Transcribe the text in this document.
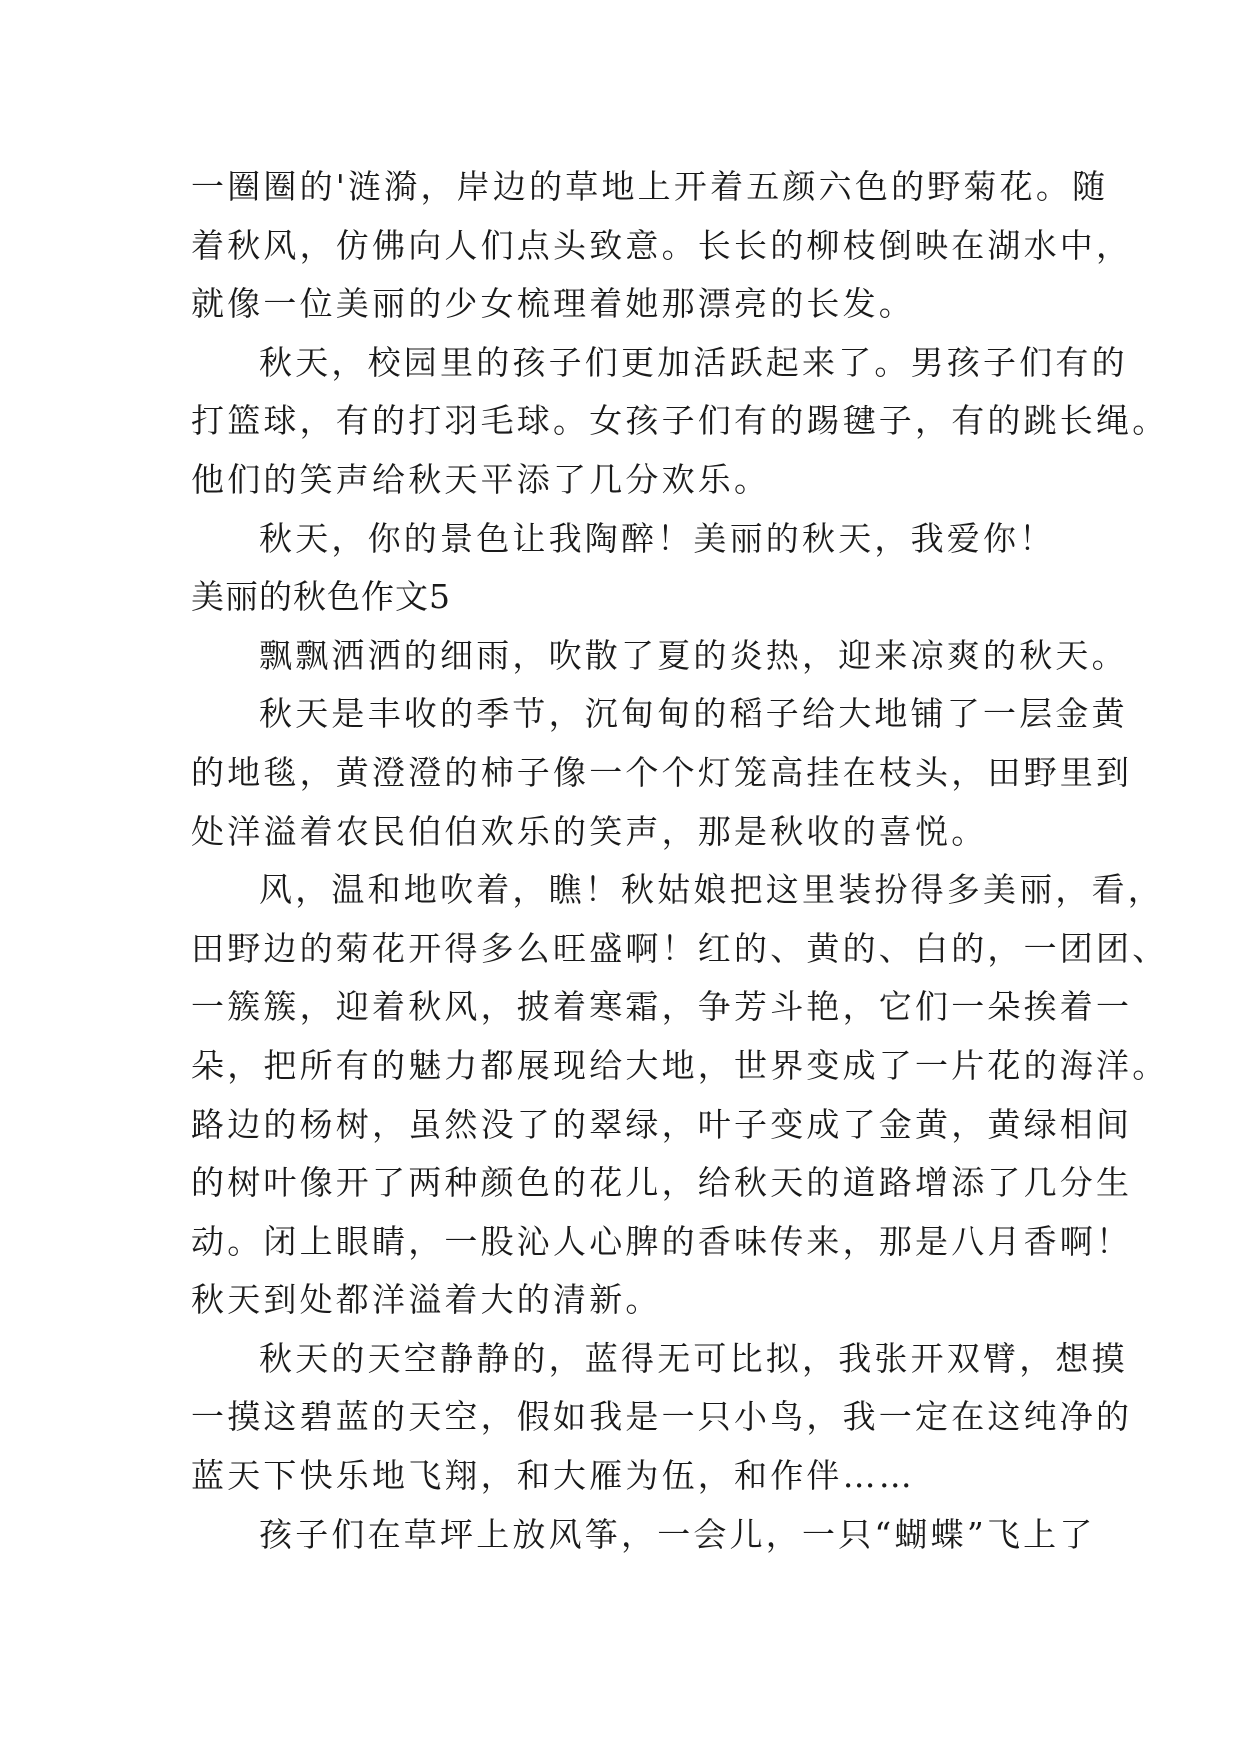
一圈圈的'涟漪，岸边的草地上开着五颜六色的野菊花。随
着秋风，仿佛向人们点头致意。长长的柳枝倒映在湖水中，
就像一位美丽的少女梳理着她那漂亮的长发。
秋天，校园里的孩子们更加活跃起来了。男孩子们有的
打篮球，有的打羽毛球。女孩子们有的踢毽子，有的跳长绳。
他们的笑声给秋天平添了几分欢乐。
秋天，你的景色让我陶醉！美丽的秋天，我爱你！
美丽的秋色作文5
飘飘洒洒的细雨，吹散了夏的炎热，迎来凉爽的秋天。
秋天是丰收的季节，沉甸甸的稻子给大地铺了一层金黄
的地毯，黄澄澄的柿子像一个个灯笼高挂在枝头，田野里到
处洋溢着农民伯伯欢乐的笑声，那是秋收的喜悦。
风，温和地吹着，瞧！秋姑娘把这里装扮得多美丽，看，
田野边的菊花开得多么旺盛啊！红的、黄的、白的，一团团、
一簇簇，迎着秋风，披着寒霜，争芳斗艳，它们一朵挨着一
朵，把所有的魅力都展现给大地，世界变成了一片花的海洋。
路边的杨树，虽然没了的翠绿，叶子变成了金黄，黄绿相间
的树叶像开了两种颜色的花儿，给秋天的道路增添了几分生
动。闭上眼睛，一股沁人心脾的香味传来，那是八月香啊！
秋天到处都洋溢着大的清新。
秋天的天空静静的，蓝得无可比拟，我张开双臂，想摸
一摸这碧蓝的天空，假如我是一只小鸟，我一定在这纯净的
蓝天下快乐地飞翔，和大雁为伍，和作伴……
孩子们在草坪上放风筝，一会儿，一只“蝴蝶”飞上了
